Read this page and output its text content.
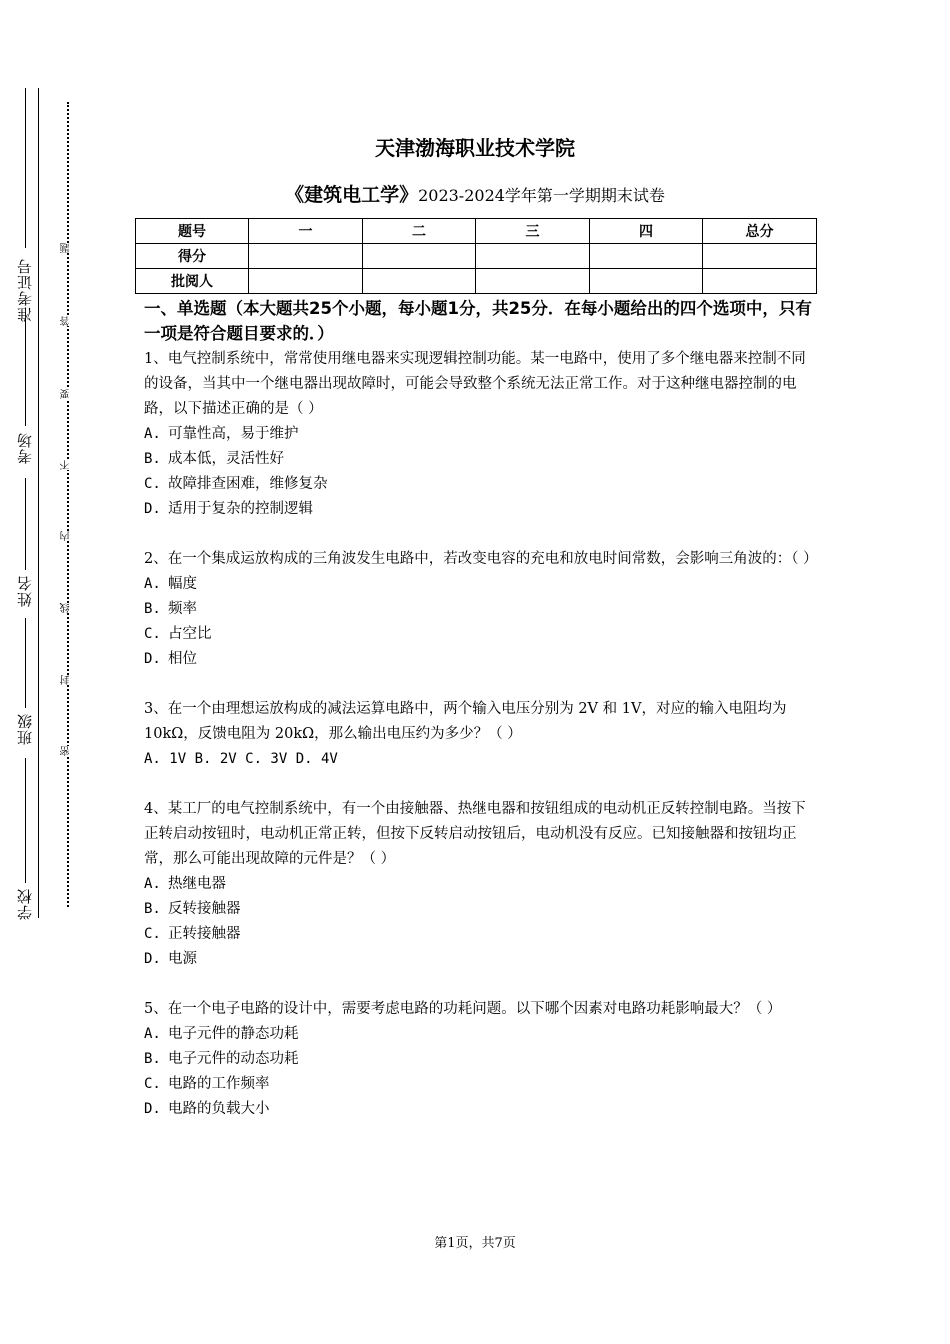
准考证号
考场
姓名
班级
学校
题
答
要
不
内
线
封
密
天津渤海职业技术学院
《建筑电工学》2023-2024学年第一学期期末试卷
题号	一	二	三	四	总分
得分					
批阅人					

一、单选题（本大题共25个小题，每小题1分，共25分．在每小题给出的四个选项中，只有一项是符合题目要求的．）

1、电气控制系统中，常常使用继电器来实现逻辑控制功能。某一电路中，使用了多个继电器来控制不同的设备，当其中一个继电器出现故障时，可能会导致整个系统无法正常工作。对于这种继电器控制的电路，以下描述正确的是（ ）

A. 可靠性高，易于维护

B. 成本低，灵活性好

C. 故障排查困难，维修复杂

D. 适用于复杂的控制逻辑

2、在一个集成运放构成的三角波发生电路中，若改变电容的充电和放电时间常数，会影响三角波的：（ ）

A. 幅度

B. 频率

C. 占空比

D. 相位

3、在一个由理想运放构成的减法运算电路中，两个输入电压分别为 2V 和 1V，对应的输入电阻均为 10kΩ，反馈电阻为 20kΩ，那么输出电压约为多少？（ ）

A. 1V B. 2V C. 3V D. 4V

4、某工厂的电气控制系统中，有一个由接触器、热继电器和按钮组成的电动机正反转控制电路。当按下正转启动按钮时，电动机正常正转，但按下反转启动按钮后，电动机没有反应。已知接触器和按钮均正常，那么可能出现故障的元件是？（ ）

A. 热继电器

B. 反转接触器

C. 正转接触器

D. 电源

5、在一个电子电路的设计中，需要考虑电路的功耗问题。以下哪个因素对电路功耗影响最大？（ ）

A. 电子元件的静态功耗

B. 电子元件的动态功耗

C. 电路的工作频率

D. 电路的负载大小

第1页，共7页
